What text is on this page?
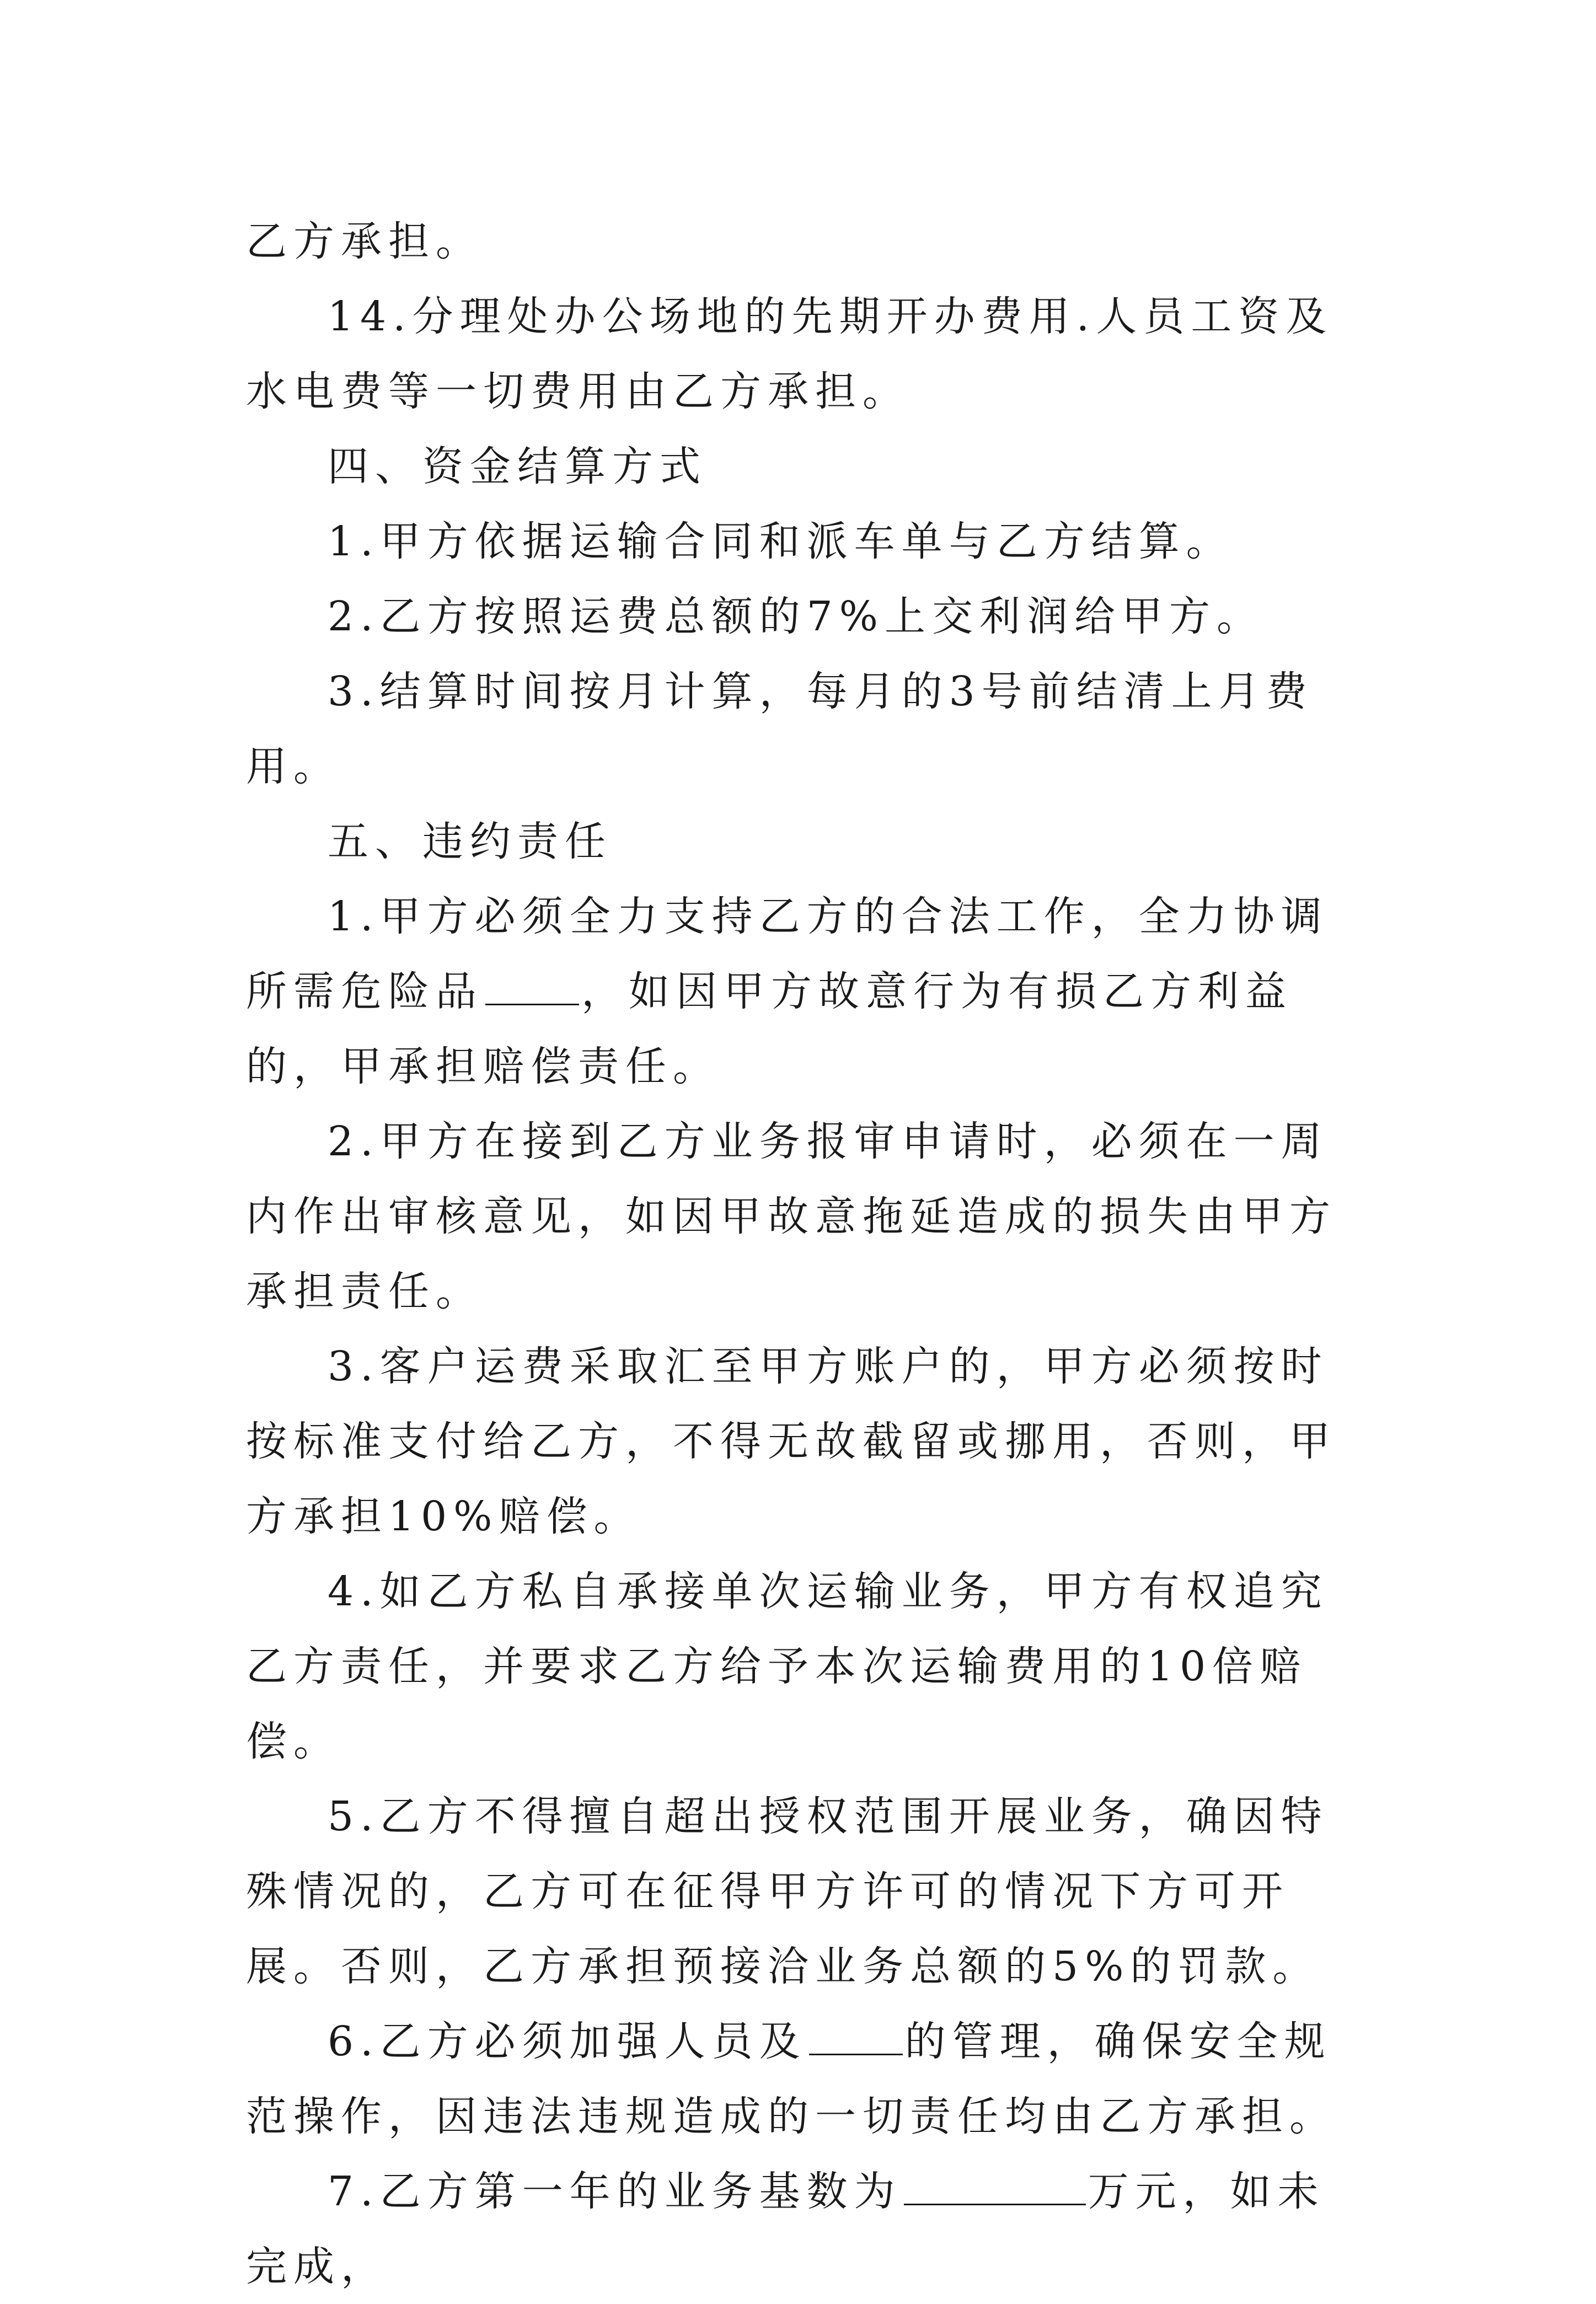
乙方承担。

14.分理处办公场地的先期开办费用.人员工资及水电费等一切费用由乙方承担。

四、资金结算方式

1.甲方依据运输合同和派车单与乙方结算。

2.乙方按照运费总额的7%上交利润给甲方。

3.结算时间按月计算，每月的3号前结清上月费用。

五、违约责任

1.甲方必须全力支持乙方的合法工作，全力协调所需危险品 ，如因甲方故意行为有损乙方利益的，甲承担赔偿责任。

2.甲方在接到乙方业务报审申请时，必须在一周内作出审核意见，如因甲故意拖延造成的损失由甲方承担责任。

3.客户运费采取汇至甲方账户的，甲方必须按时按标准支付给乙方，不得无故截留或挪用，否则，甲方承担10%赔偿。

4.如乙方私自承接单次运输业务，甲方有权追究乙方责任，并要求乙方给予本次运输费用的10倍赔偿。

5.乙方不得擅自超出授权范围开展业务，确因特殊情况的，乙方可在征得甲方许可的情况下方可开展。否则，乙方承担预接洽业务总额的5%的罚款。

6.乙方必须加强人员及 的管理，确保安全规范操作，因违法违规造成的一切责任均由乙方承担。

7.乙方第一年的业务基数为	万元，如未完成，
